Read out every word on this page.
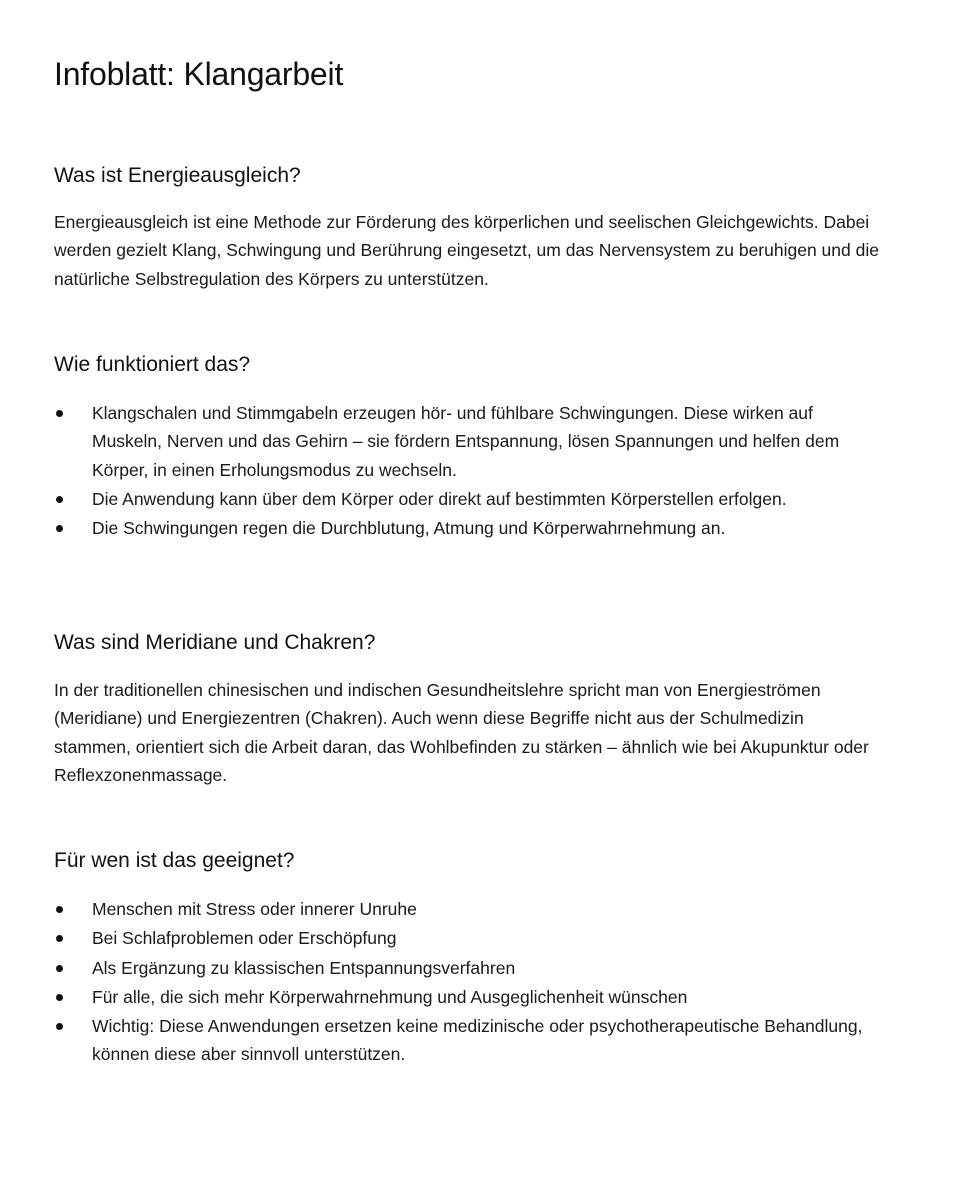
Infoblatt: Klangarbeit
Was ist Energieausgleich?

Energieausgleich ist eine Methode zur Förderung des körperlichen und seelischen Gleichgewichts. Dabei werden gezielt Klang, Schwingung und Berührung eingesetzt, um das Nervensystem zu beruhigen und die natürliche Selbstregulation des Körpers zu unterstützen.

Wie funktioniert das?
Klangschalen und Stimmgabeln erzeugen hör- und fühlbare Schwingungen. Diese wirken auf Muskeln, Nerven und das Gehirn – sie fördern Entspannung, lösen Spannungen und helfen dem Körper, in einen Erholungsmodus zu wechseln.
Die Anwendung kann über dem Körper oder direkt auf bestimmten Körperstellen erfolgen.
Die Schwingungen regen die Durchblutung, Atmung und Körperwahrnehmung an.
Was sind Meridiane und Chakren?

In der traditionellen chinesischen und indischen Gesundheitslehre spricht man von Energieströmen (Meridiane) und Energiezentren (Chakren). Auch wenn diese Begriffe nicht aus der Schulmedizin stammen, orientiert sich die Arbeit daran, das Wohlbefinden zu stärken – ähnlich wie bei Akupunktur oder Reflexzonenmassage.

Für wen ist das geeignet?
Menschen mit Stress oder innerer Unruhe
Bei Schlafproblemen oder Erschöpfung
Als Ergänzung zu klassischen Entspannungsverfahren
Für alle, die sich mehr Körperwahrnehmung und Ausgeglichenheit wünschen
Wichtig: Diese Anwendungen ersetzen keine medizinische oder psychotherapeutische Behandlung, können diese aber sinnvoll unterstützen.
